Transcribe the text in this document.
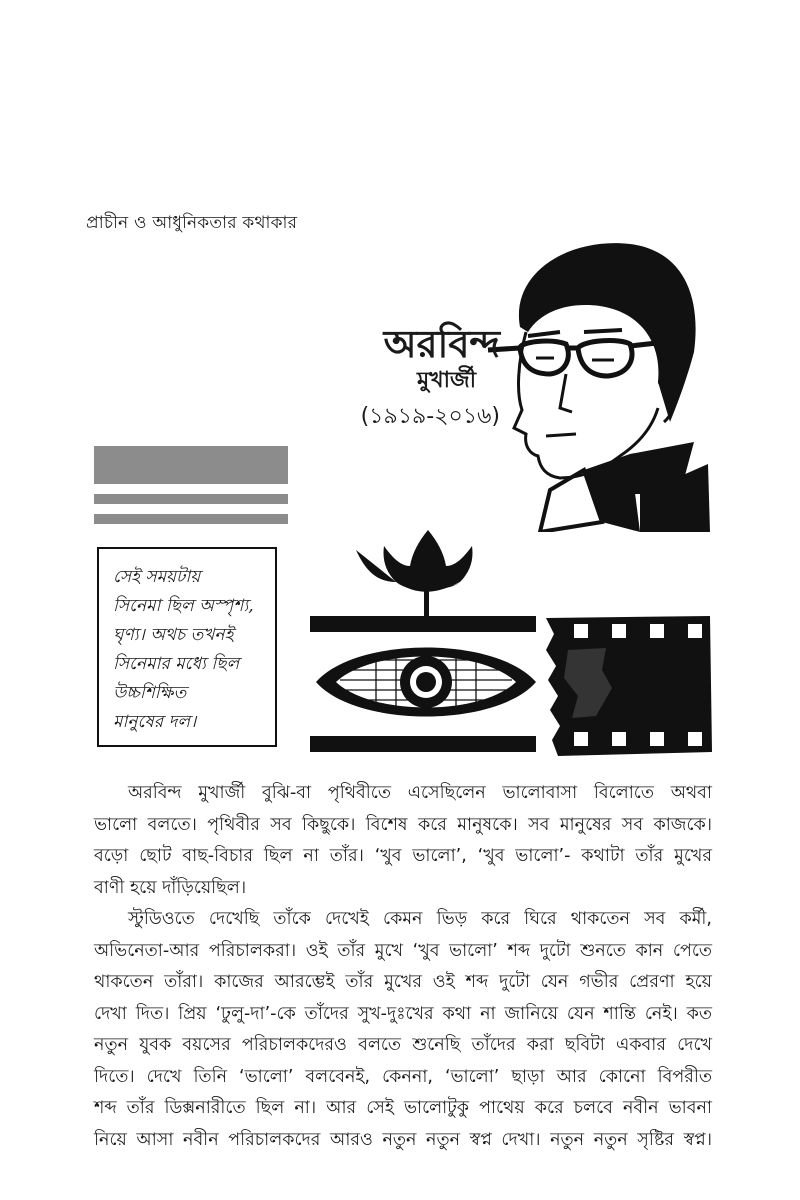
প্রাচীন ও আধুনিকতার কথাকার
অরবিন্দ
মুখার্জী
(১৯১৯-২০১৬)
সেই সময়টায়
সিনেমা ছিল অস্পৃশ্য,
ঘৃণ্য। অথচ তখনই
সিনেমার মধ্যে ছিল
উচ্চশিক্ষিত
মানুষের দল।
অরবিন্দ মুখার্জী বুঝি-বা পৃথিবীতে এসেছিলেন ভালোবাসা বিলোতে অথবা
ভালো বলতে। পৃথিবীর সব কিছুকে। বিশেষ করে মানুষকে। সব মানুষের সব কাজকে।
বড়ো ছোট বাছ-বিচার ছিল না তাঁর। ‘খুব ভালো’, ‘খুব ভালো’- কথাটা তাঁর মুখের
বাণী হয়ে দাঁড়িয়েছিল।
স্টুডিওতে দেখেছি তাঁকে দেখেই কেমন ভিড় করে ঘিরে থাকতেন সব কর্মী,
অভিনেতা-আর পরিচালকরা। ওই তাঁর মুখে ‘খুব ভালো’ শব্দ দুটো শুনতে কান পেতে
থাকতেন তাঁরা। কাজের আরম্ভেই তাঁর মুখের ওই শব্দ দুটো যেন গভীর প্রেরণা হয়ে
দেখা দিত। প্রিয় ‘ঢুলু-দা’-কে তাঁদের সুখ-দুঃখের কথা না জানিয়ে যেন শান্তি নেই। কত
নতুন যুবক বয়সের পরিচালকদেরও বলতে শুনেছি তাঁদের করা ছবিটা একবার দেখে
দিতে। দেখে তিনি ‘ভালো’ বলবেনই, কেননা, ‘ভালো’ ছাড়া আর কোনো বিপরীত
শব্দ তাঁর ডিক্সনারীতে ছিল না। আর সেই ভালোটুকু পাথেয় করে চলবে নবীন ভাবনা
নিয়ে আসা নবীন পরিচালকদের আরও নতুন নতুন স্বপ্ন দেখা। নতুন নতুন সৃষ্টির স্বপ্ন।
